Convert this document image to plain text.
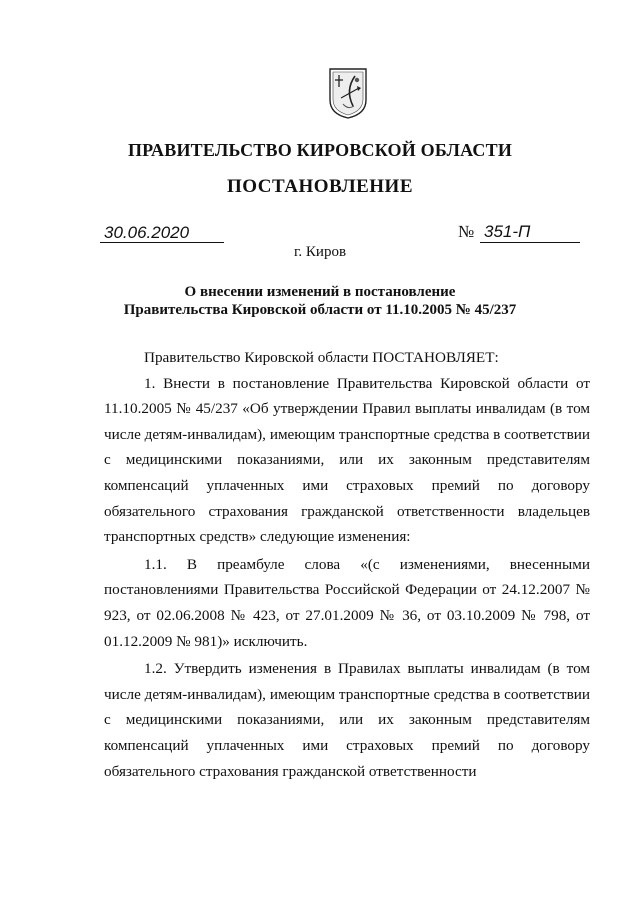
ПРАВИТЕЛЬСТВО КИРОВСКОЙ ОБЛАСТИ
ПОСТАНОВЛЕНИЕ
30.06.2020	№ 351-П
г. Киров
О внесении изменений в постановление
Правительства Кировской области от 11.10.2005 № 45/237

Правительство Кировской области ПОСТАНОВЛЯЕТ:

1. Внести в постановление Правительства Кировской области от 11.10.2005 № 45/237 «Об утверждении Правил выплаты инвалидам (в том числе детям-инвалидам), имеющим транспортные средства в соответствии с медицинскими показаниями, или их законным представителям компенсаций уплаченных ими страховых премий по договору обязательного страхования гражданской ответственности владельцев транспортных средств» следующие изменения:

1.1. В преамбуле слова «(с изменениями, внесенными постановлениями Правительства Российской Федерации от 24.12.2007 № 923, от 02.06.2008 № 423, от 27.01.2009 № 36, от 03.10.2009 № 798, от 01.12.2009 № 981)» исключить.

1.2. Утвердить изменения в Правилах выплаты инвалидам (в том числе детям-инвалидам), имеющим транспортные средства в соответствии с медицинскими показаниями, или их законным представителям компенсаций уплаченных ими страховых премий по договору обязательного страхования гражданской ответственности
